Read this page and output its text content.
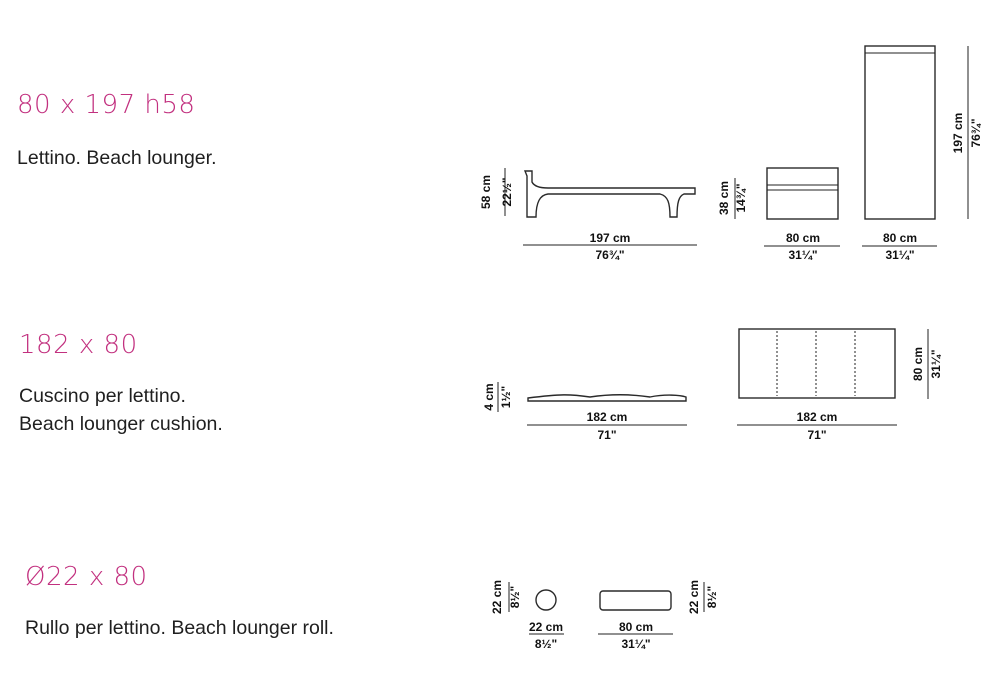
80 x 197 h58
Lettino. Beach lounger.
182 x 80
Cuscino per lettino.
Beach lounger cushion.
Ø22 x 80
Rullo per lettino. Beach lounger roll.
197 cm
76¾"
58 cm 22½"
80 cm
31¼"
38 cm 14¾"
80 cm
31¼"
197 cm 76¾"
182 cm
71"
4 cm 1½"
182 cm
71"
80 cm 31¼"
22 cm
8½"
22 cm 8½"
80 cm
31¼"
22 cm 8½"
